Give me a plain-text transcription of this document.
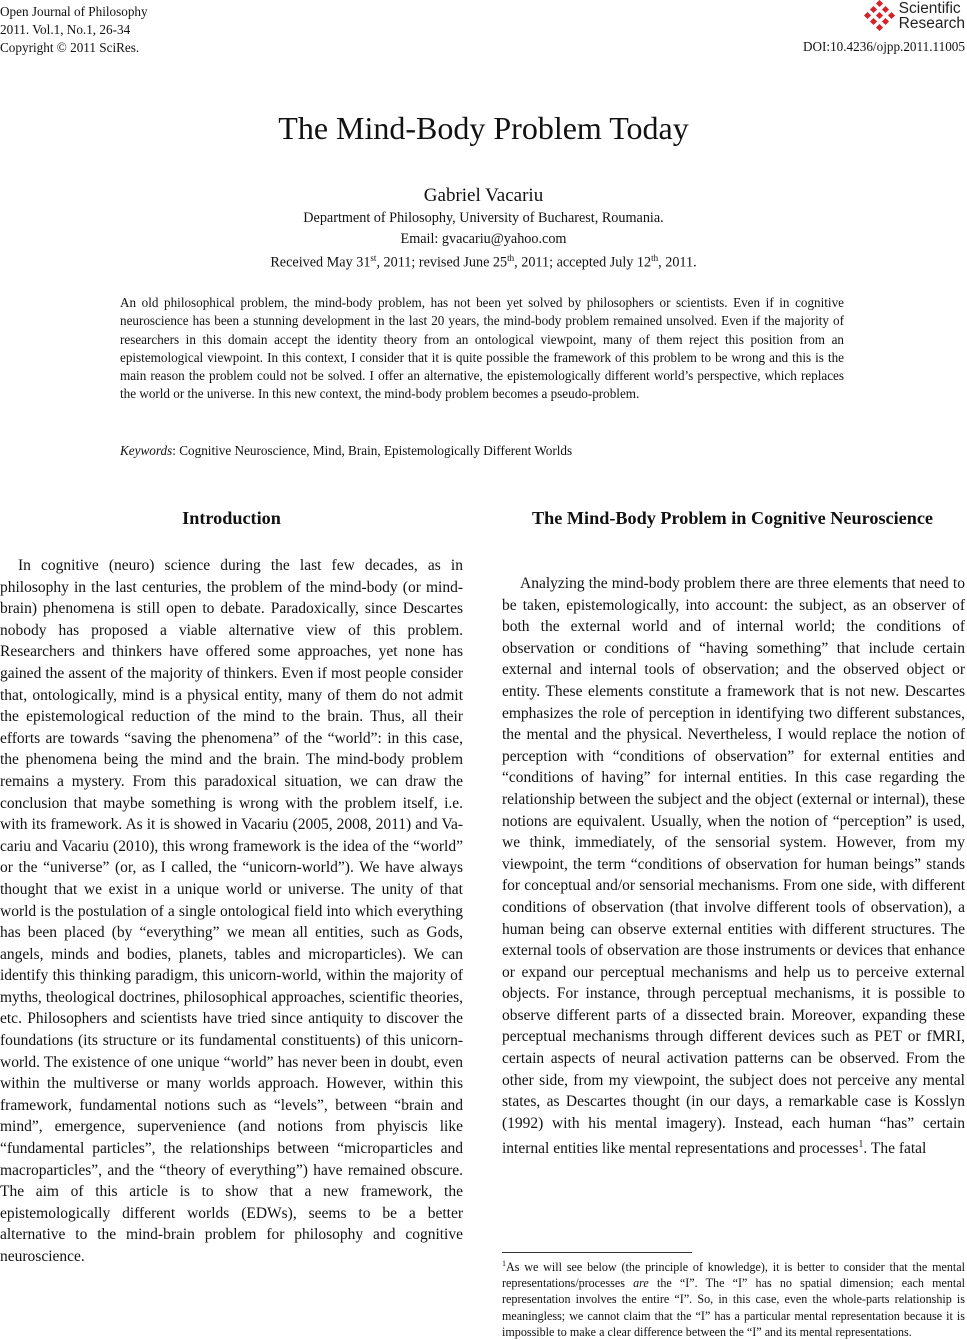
Open Journal of Philosophy
2011. Vol.1, No.1, 26-34
Copyright © 2011 SciRes.
Scientific
Research
DOI:10.4236/ojpp.2011.11005
The Mind-Body Problem Today
Gabriel Vacariu
Department of Philosophy, University of Bucharest, Roumania.
Email: gvacariu@yahoo.com
Received May 31st, 2011; revised June 25th, 2011; accepted July 12th, 2011.
An old philosophical problem, the mind-body problem, has not been yet solved by philosophers or scientists. Even if in cognitive neuroscience has been a stunning development in the last 20 years, the mind-body problem remained unsolved. Even if the majority of researchers in this domain accept the identity theory from an ontological viewpoint, many of them reject this position from an epistemological viewpoint. In this context, I consider that it is quite possible the framework of this problem to be wrong and this is the main reason the problem could not be solved. I offer an alternative, the epistemologically different world’s perspective, which replaces the world or the universe. In this new context, the mind-body problem becomes a pseudo-problem.
Keywords: Cognitive Neuroscience, Mind, Brain, Epistemologically Different Worlds
Introduction

In cognitive (neuro) science during the last few decades, as in philosophy in the last centuries, the problem of the mind-body (or mind-brain) phenomena is still open to debate. Paradoxically, since Descartes nobody has proposed a viable alternative view of this problem. Researchers and thinkers have offered some approaches, yet none has gained the assent of the majority of thinkers. Even if most people consider that, ontologically, mind is a physical entity, many of them do not admit the epistemological reduction of the mind to the brain. Thus, all their efforts are towards “saving the phenomena” of the “world”: in this case, the phenomena being the mind and the brain. The mind-body problem remains a mystery. From this paradoxical situation, we can draw the conclusion that maybe something is wrong with the problem itself, i.e. with its framework. As it is showed in Vacariu (2005, 2008, 2011) and Vacariu and Vacariu (2010), this wrong framework is the idea of the “world” or the “universe” (or, as I called, the “unicorn-world”). We have always thought that we exist in a unique world or universe. The unity of that world is the postulation of a single ontological field into which everything has been placed (by “everything” we mean all entities, such as Gods, angels, minds and bodies, planets, tables and microparticles). We can identify this thinking paradigm, this unicorn-world, within the majority of myths, theological doctrines, philosophical approaches, scientific theories, etc. Philosophers and scientists have tried since antiquity to discover the foundations (its structure or its fundamental constituents) of this unicorn-world. The existence of one unique “world” has never been in doubt, even within the multiverse or many worlds approach. However, within this framework, fundamental notions such as “levels”, between “brain and mind”, emergence, supervenience (and notions from phyiscis like “fundamental particles”, the relationships between “microparticles and macroparticles”, and the “theory of everything”) have remained obscure. The aim of this article is to show that a new framework, the epistemologically different worlds (EDWs), seems to be a better alternative to the mind-brain problem for philosophy and cognitive neuroscience.

The Mind-Body Problem in Cognitive Neuroscience

Analyzing the mind-body problem there are three elements that need to be taken, epistemologically, into account: the subject, as an observer of both the external world and of internal world; the conditions of observation or conditions of “having something” that include certain external and internal tools of observation; and the observed object or entity. These elements constitute a framework that is not new. Descartes emphasizes the role of perception in identifying two different substances, the mental and the physical. Nevertheless, I would replace the notion of perception with “conditions of observation” for external entities and “conditions of having” for internal entities. In this case regarding the relationship between the subject and the object (external or internal), these notions are equivalent. Usually, when the notion of “perception” is used, we think, immediately, of the sensorial system. However, from my viewpoint, the term “conditions of observation for human beings” stands for conceptual and/or sensorial mechanisms. From one side, with different conditions of observation (that involve different tools of observation), a human being can observe external entities with different structures. The external tools of observation are those instruments or devices that enhance or expand our perceptual mechanisms and help us to perceive external objects. For instance, through perceptual mechanisms, it is possible to observe different parts of a dissected brain. Moreover, expanding these perceptual mechanisms through different devices such as PET or fMRI, certain aspects of neural activation patterns can be observed. From the other side, from my viewpoint, the subject does not perceive any mental states, as Descartes thought (in our days, a remarkable case is Kosslyn (1992) with his mental imagery). Instead, each human “has” certain internal entities like mental representations and processes$^1$. The fatal

$^1$As we will see below (the principle of knowledge), it is better to consider that the mental representations/processes are the “I”. The “I” has no spatial dimension; each mental representation involves the entire “I”. So, in this case, even the whole-parts relationship is meaningless; we cannot claim that the “I” has a particular mental representation because it is impossible to make a clear difference between the “I” and its mental representations.
